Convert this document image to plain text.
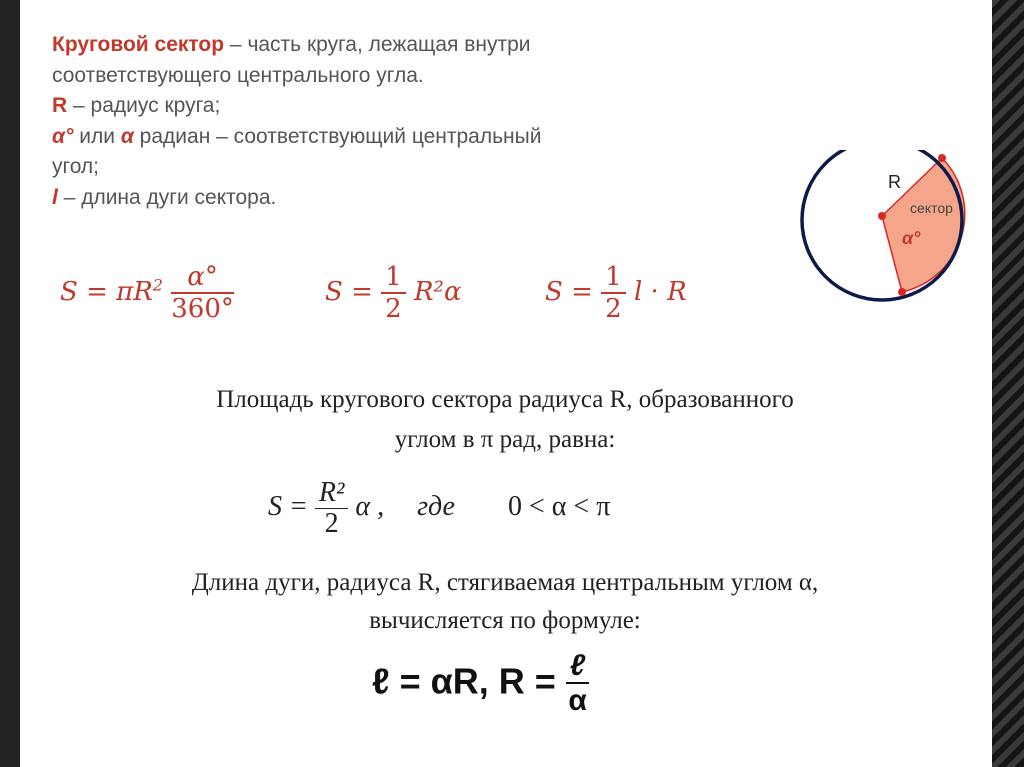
Круговой сектор – часть круга, лежащая внутри
соответствующего центрального угла.
R – радиус круга;
α° или α радиан – соответствующий центральный
угол;
l – длина дуги сектора.
$S = \pi R^2 \frac{\alpha^\circ}{360^\circ}$	$S = \frac{1}{2} R^2\alpha$	$S = \frac{1}{2}$ l · R
R
сектор
α°
Площадь кругового сектора радиуса R, образованного
углом в π рад, равна:
$S = \frac{\text{R²}}{2}$ α , где 0 < α < π
Длина дуги, радиуса R, стягиваемая центральным углом α,
вычисляется по формуле:
ℓ = αR, $R = \frac{\text{ℓ}}{\alpha}$
